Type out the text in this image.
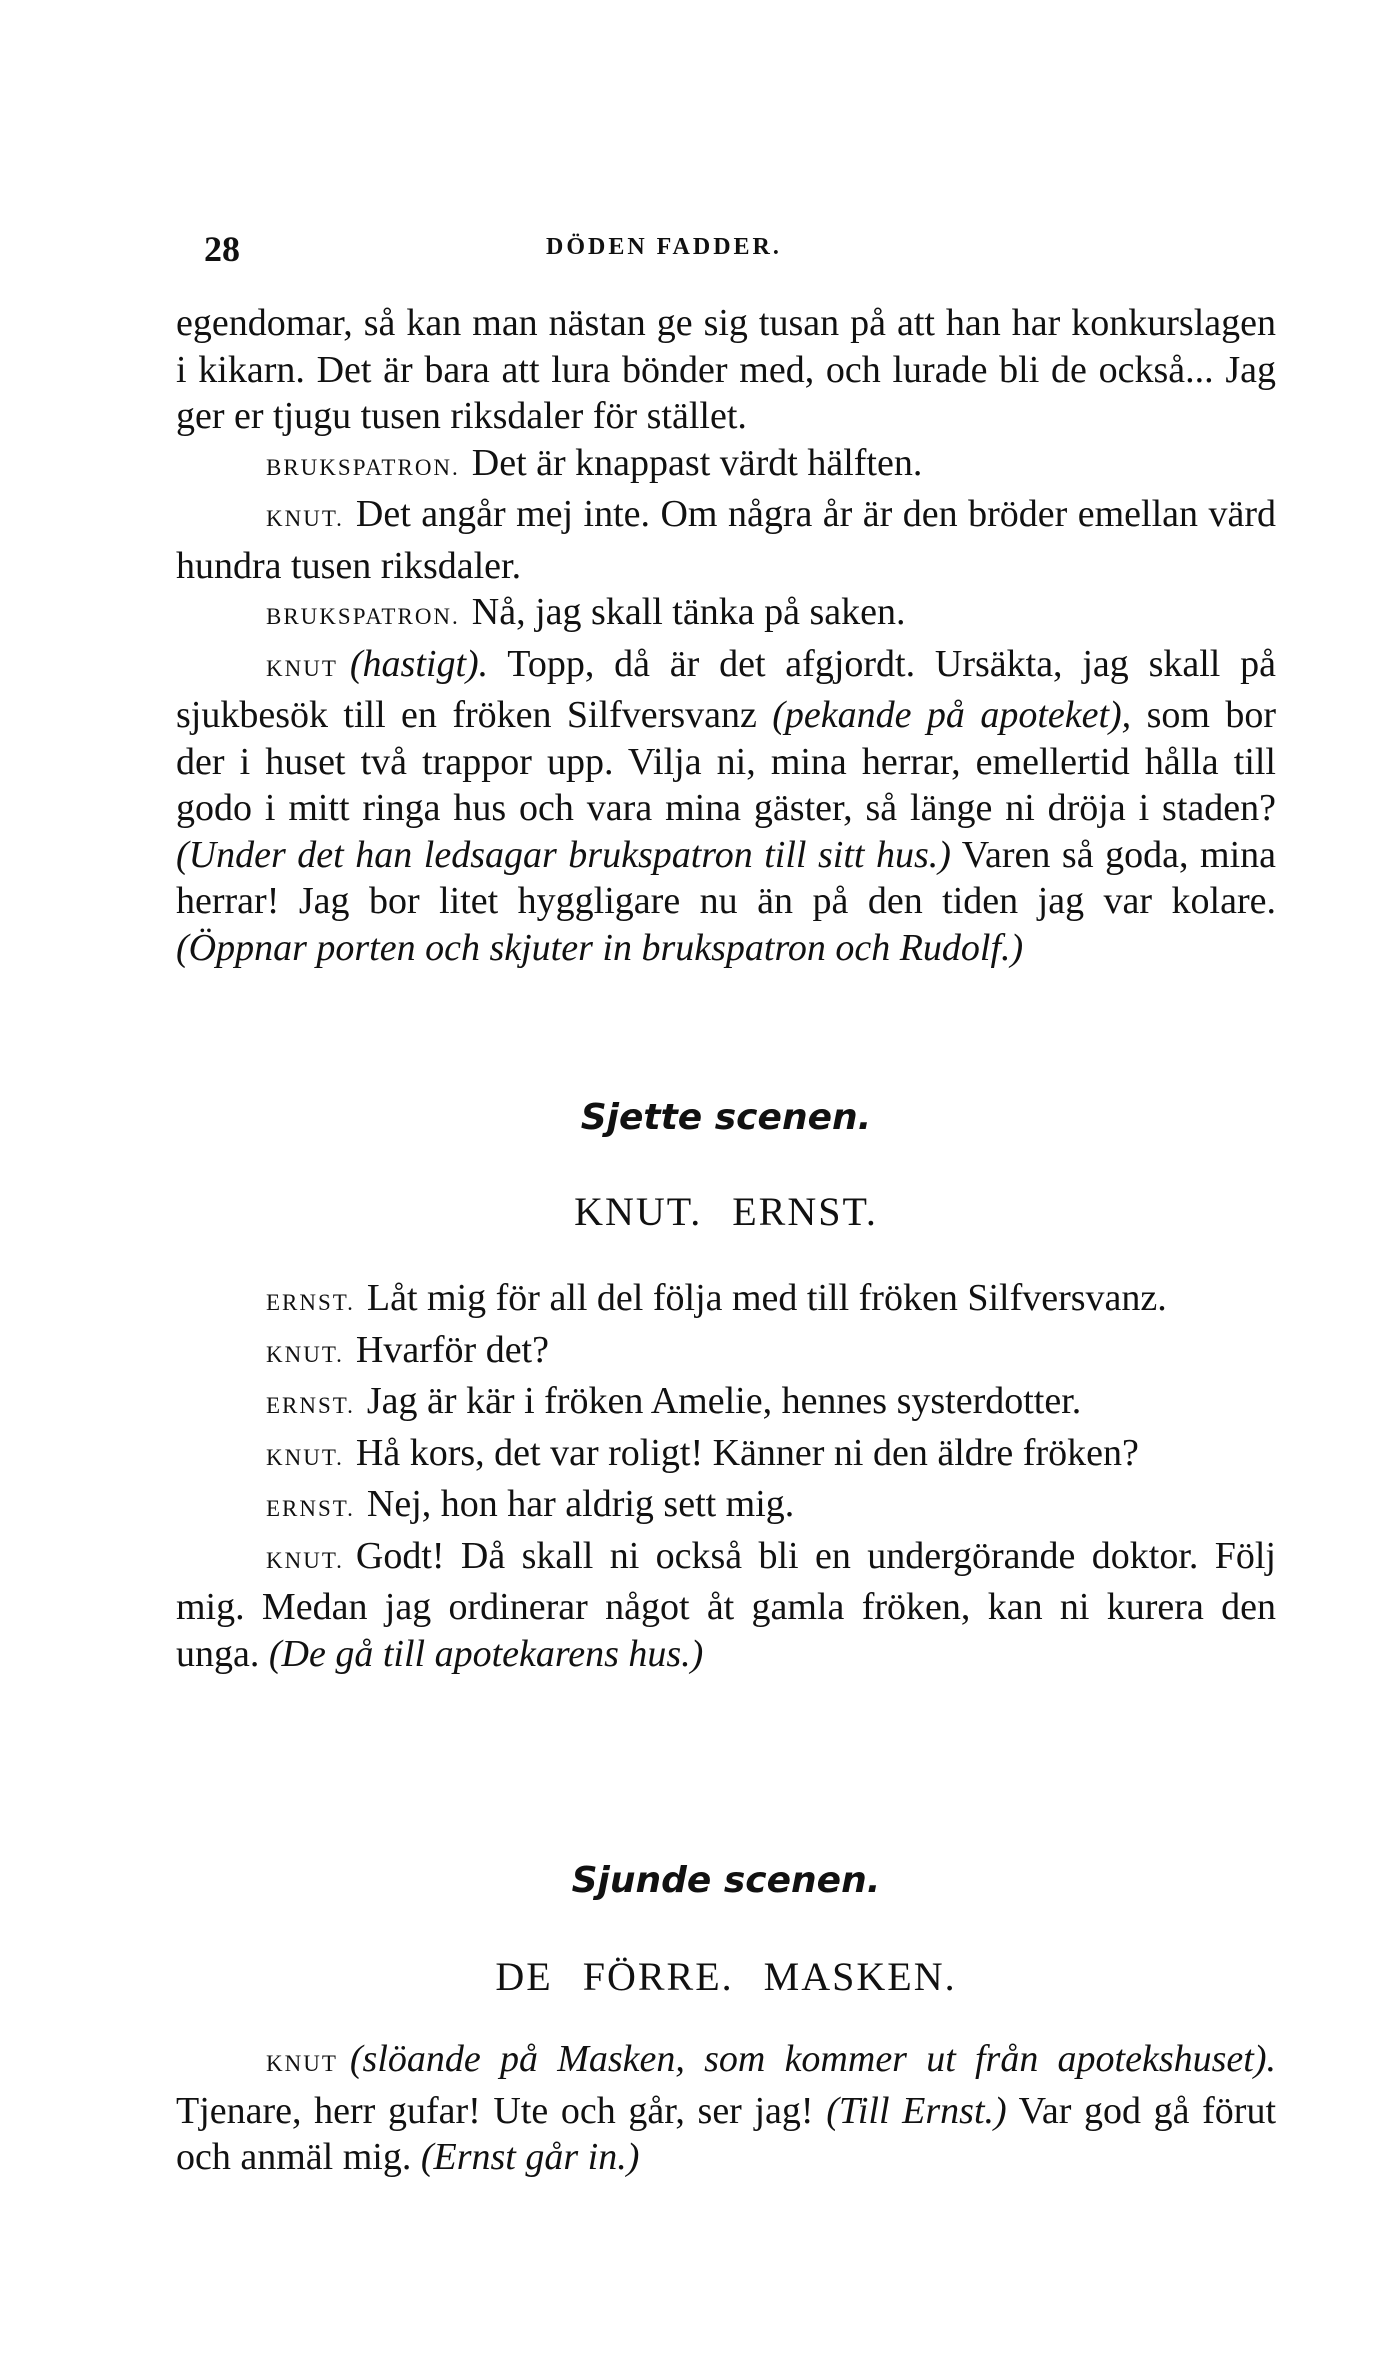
28	DÖDEN FADDER.

egendomar, så kan man nästan ge sig tusan på att han har konkurslagen i kikarn. Det är bara att lura bönder med, och lurade bli de också... Jag ger er tjugu tusen riksdaler för stället.

BRUKSPATRON. Det är knappast värdt hälften.

KNUT. Det angår mej inte. Om några år är den bröder emellan värd hundra tusen riksdaler.

BRUKSPATRON. Nå, jag skall tänka på saken.

KNUT (hastigt). Topp, då är det afgjordt. Ursäkta, jag skall på sjukbesök till en fröken Silfversvanz (pekande på apoteket), som bor der i huset två trappor upp. Vilja ni, mina herrar, emellertid hålla till godo i mitt ringa hus och vara mina gäster, så länge ni dröja i staden? (Under det han ledsagar brukspatron till sitt hus.) Varen så goda, mina herrar! Jag bor litet hyggligare nu än på den tiden jag var kolare. (Öppnar porten och skjuter in brukspatron och Rudolf.)

Sjette scenen.
KNUT. ERNST.

ERNST. Låt mig för all del följa med till fröken Silfversvanz.

KNUT. Hvarför det?

ERNST. Jag är kär i fröken Amelie, hennes systerdotter.

KNUT. Hå kors, det var roligt! Känner ni den äldre fröken?

ERNST. Nej, hon har aldrig sett mig.

KNUT. Godt! Då skall ni också bli en undergörande doktor. Följ mig. Medan jag ordinerar något åt gamla fröken, kan ni kurera den unga. (De gå till apotekarens hus.)

Sjunde scenen.
DE FÖRRE. MASKEN.

KNUT (slöande på Masken, som kommer ut från apotekshuset). Tjenare, herr gufar! Ute och går, ser jag! (Till Ernst.) Var god gå förut och anmäl mig. (Ernst går in.)
